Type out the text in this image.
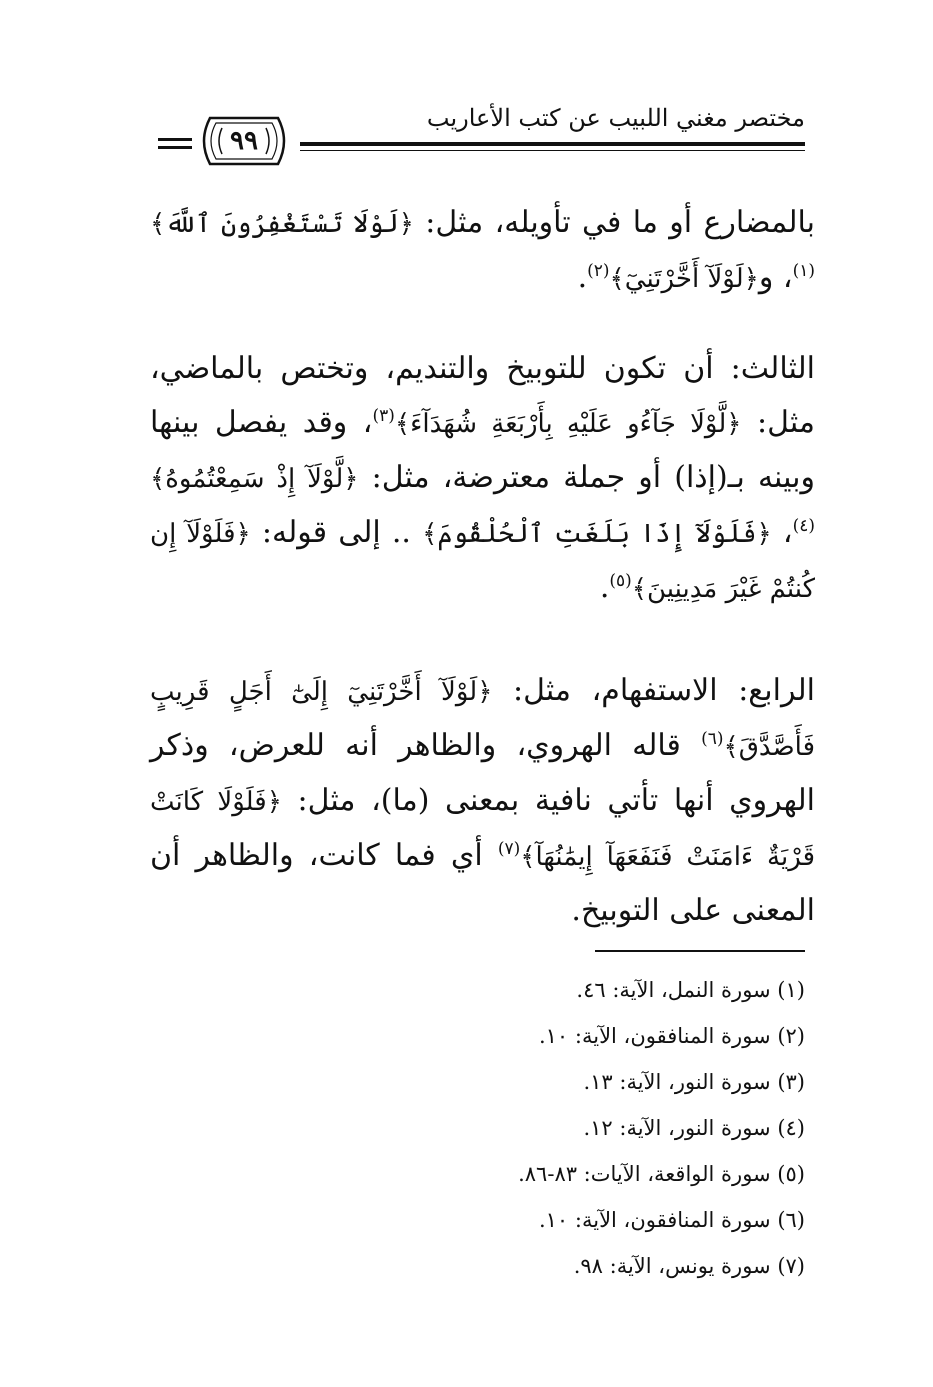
مختصر مغني اللبيب عن كتب الأعاريب
٩٩
بالمضارع أو ما في تأويله، مثل: ﴿لَوْلَا تَسْتَغْفِرُونَ ٱللَّهَ﴾$^{(١)}$، و﴿لَوْلَآ أَخَّرْتَنِيٓ﴾$^{(٢)}$.
الثالث: أن تكون للتوبيخ والتنديم، وتختص بالماضي، مثل: ﴿لَّوْلَا جَآءُو عَلَيْهِ بِأَرْبَعَةِ شُهَدَآءَ﴾$^{(٣)}$، وقد يفصل بينها وبينه بـ(إذا) أو جملة معترضة، مثل: ﴿لَّوْلَآ إِذْ سَمِعْتُمُوهُ﴾$^{(٤)}$، ﴿فَلَوْلَآ إِذَا بَلَغَتِ ٱلْحُلْقُومَ﴾ .. إلى قوله: ﴿فَلَوْلَآ إِن كُنتُمْ غَيْرَ مَدِينِينَ﴾$^{(٥)}$.
الرابع: الاستفهام، مثل: ﴿لَوْلَآ أَخَّرْتَنِيٓ إِلَىٰٓ أَجَلٍ قَرِيبٍ فَأَصَّدَّقَ﴾$^{(٦)}$ قاله الهروي، والظاهر أنه للعرض، وذكر الهروي أنها تأتي نافية بمعنى (ما)، مثل: ﴿فَلَوْلَا كَانَتْ قَرْيَةٌ ءَامَنَتْ فَنَفَعَهَآ إِيمَٰنُهَآ﴾$^{(٧)}$ أي فما كانت، والظاهر أن المعنى على التوبيخ.
(١) سورة النمل، الآية: ٤٦.
(٢) سورة المنافقون، الآية: ١٠.
(٣) سورة النور، الآية: ١٣.
(٤) سورة النور، الآية: ١٢.
(٥) سورة الواقعة، الآيات: ٨٣-٨٦.
(٦) سورة المنافقون، الآية: ١٠.
(٧) سورة يونس، الآية: ٩٨.
